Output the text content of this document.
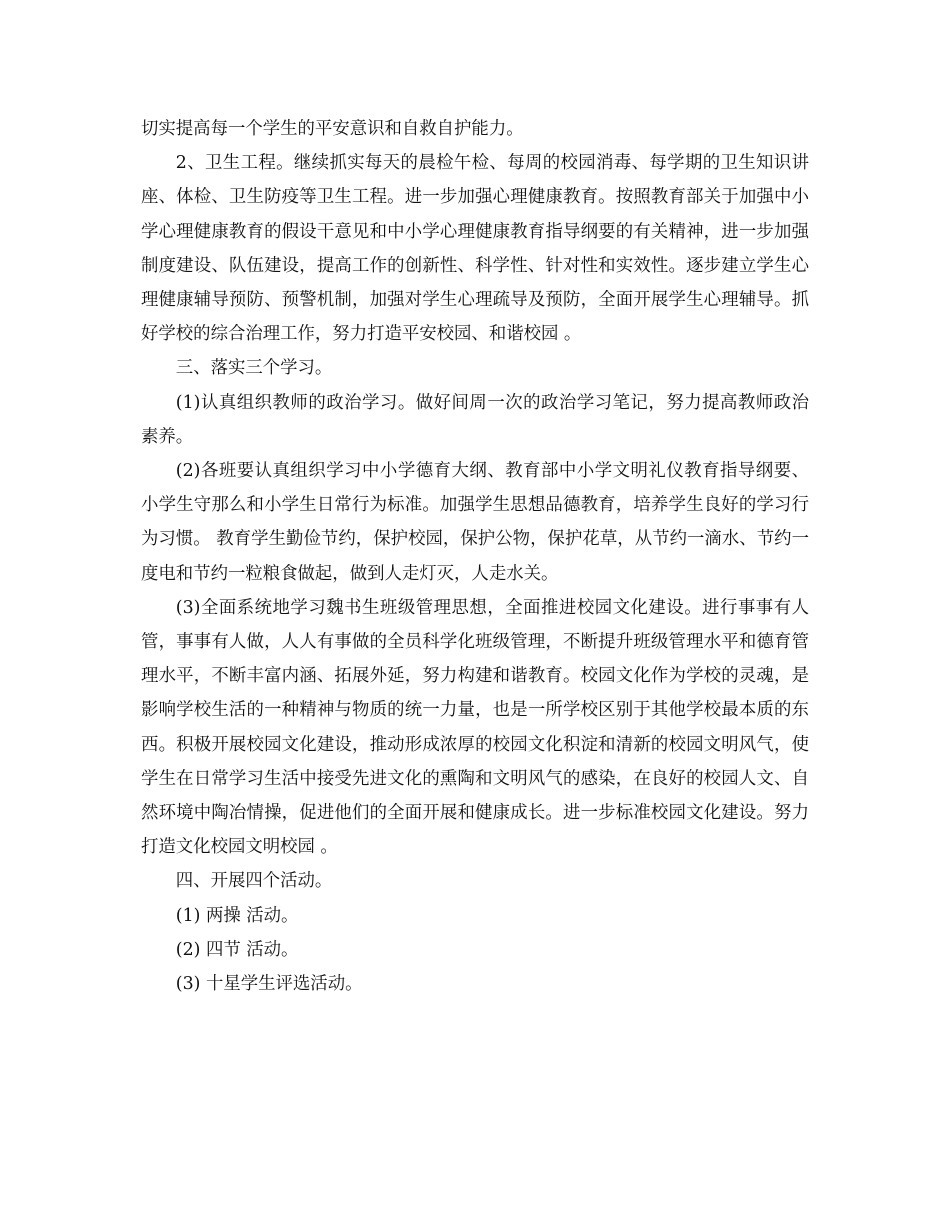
切实提高每一个学生的平安意识和自救自护能力。

2、卫生工程。继续抓实每天的晨检午检、每周的校园消毒、每学期的卫生知识讲座、体检、卫生防疫等卫生工程。进一步加强心理健康教育。按照教育部关于加强中小学心理健康教育的假设干意见和中小学心理健康教育指导纲要的有关精神，进一步加强制度建设、队伍建设，提高工作的创新性、科学性、针对性和实效性。逐步建立学生心理健康辅导预防、预警机制，加强对学生心理疏导及预防，全面开展学生心理辅导。抓好学校的综合治理工作，努力打造平安校园、和谐校园 。

三、落实三个学习。

(1)认真组织教师的政治学习。做好间周一次的政治学习笔记，努力提高教师政治素养。

(2)各班要认真组织学习中小学德育大纲、教育部中小学文明礼仪教育指导纲要、小学生守那么和小学生日常行为标准。加强学生思想品德教育，培养学生良好的学习行为习惯。 教育学生勤俭节约，保护校园，保护公物，保护花草，从节约一滴水、节约一度电和节约一粒粮食做起，做到人走灯灭，人走水关。

(3)全面系统地学习魏书生班级管理思想，全面推进校园文化建设。进行事事有人管，事事有人做，人人有事做的全员科学化班级管理，不断提升班级管理水平和德育管理水平，不断丰富内涵、拓展外延，努力构建和谐教育。校园文化作为学校的灵魂，是影响学校生活的一种精神与物质的统一力量，也是一所学校区别于其他学校最本质的东西。积极开展校园文化建设，推动形成浓厚的校园文化积淀和清新的校园文明风气，使学生在日常学习生活中接受先进文化的熏陶和文明风气的感染，在良好的校园人文、自然环境中陶冶情操，促进他们的全面开展和健康成长。进一步标准校园文化建设。努力打造文化校园文明校园 。

四、开展四个活动。

(1) 两操 活动。

(2) 四节 活动。

(3) 十星学生评选活动。
